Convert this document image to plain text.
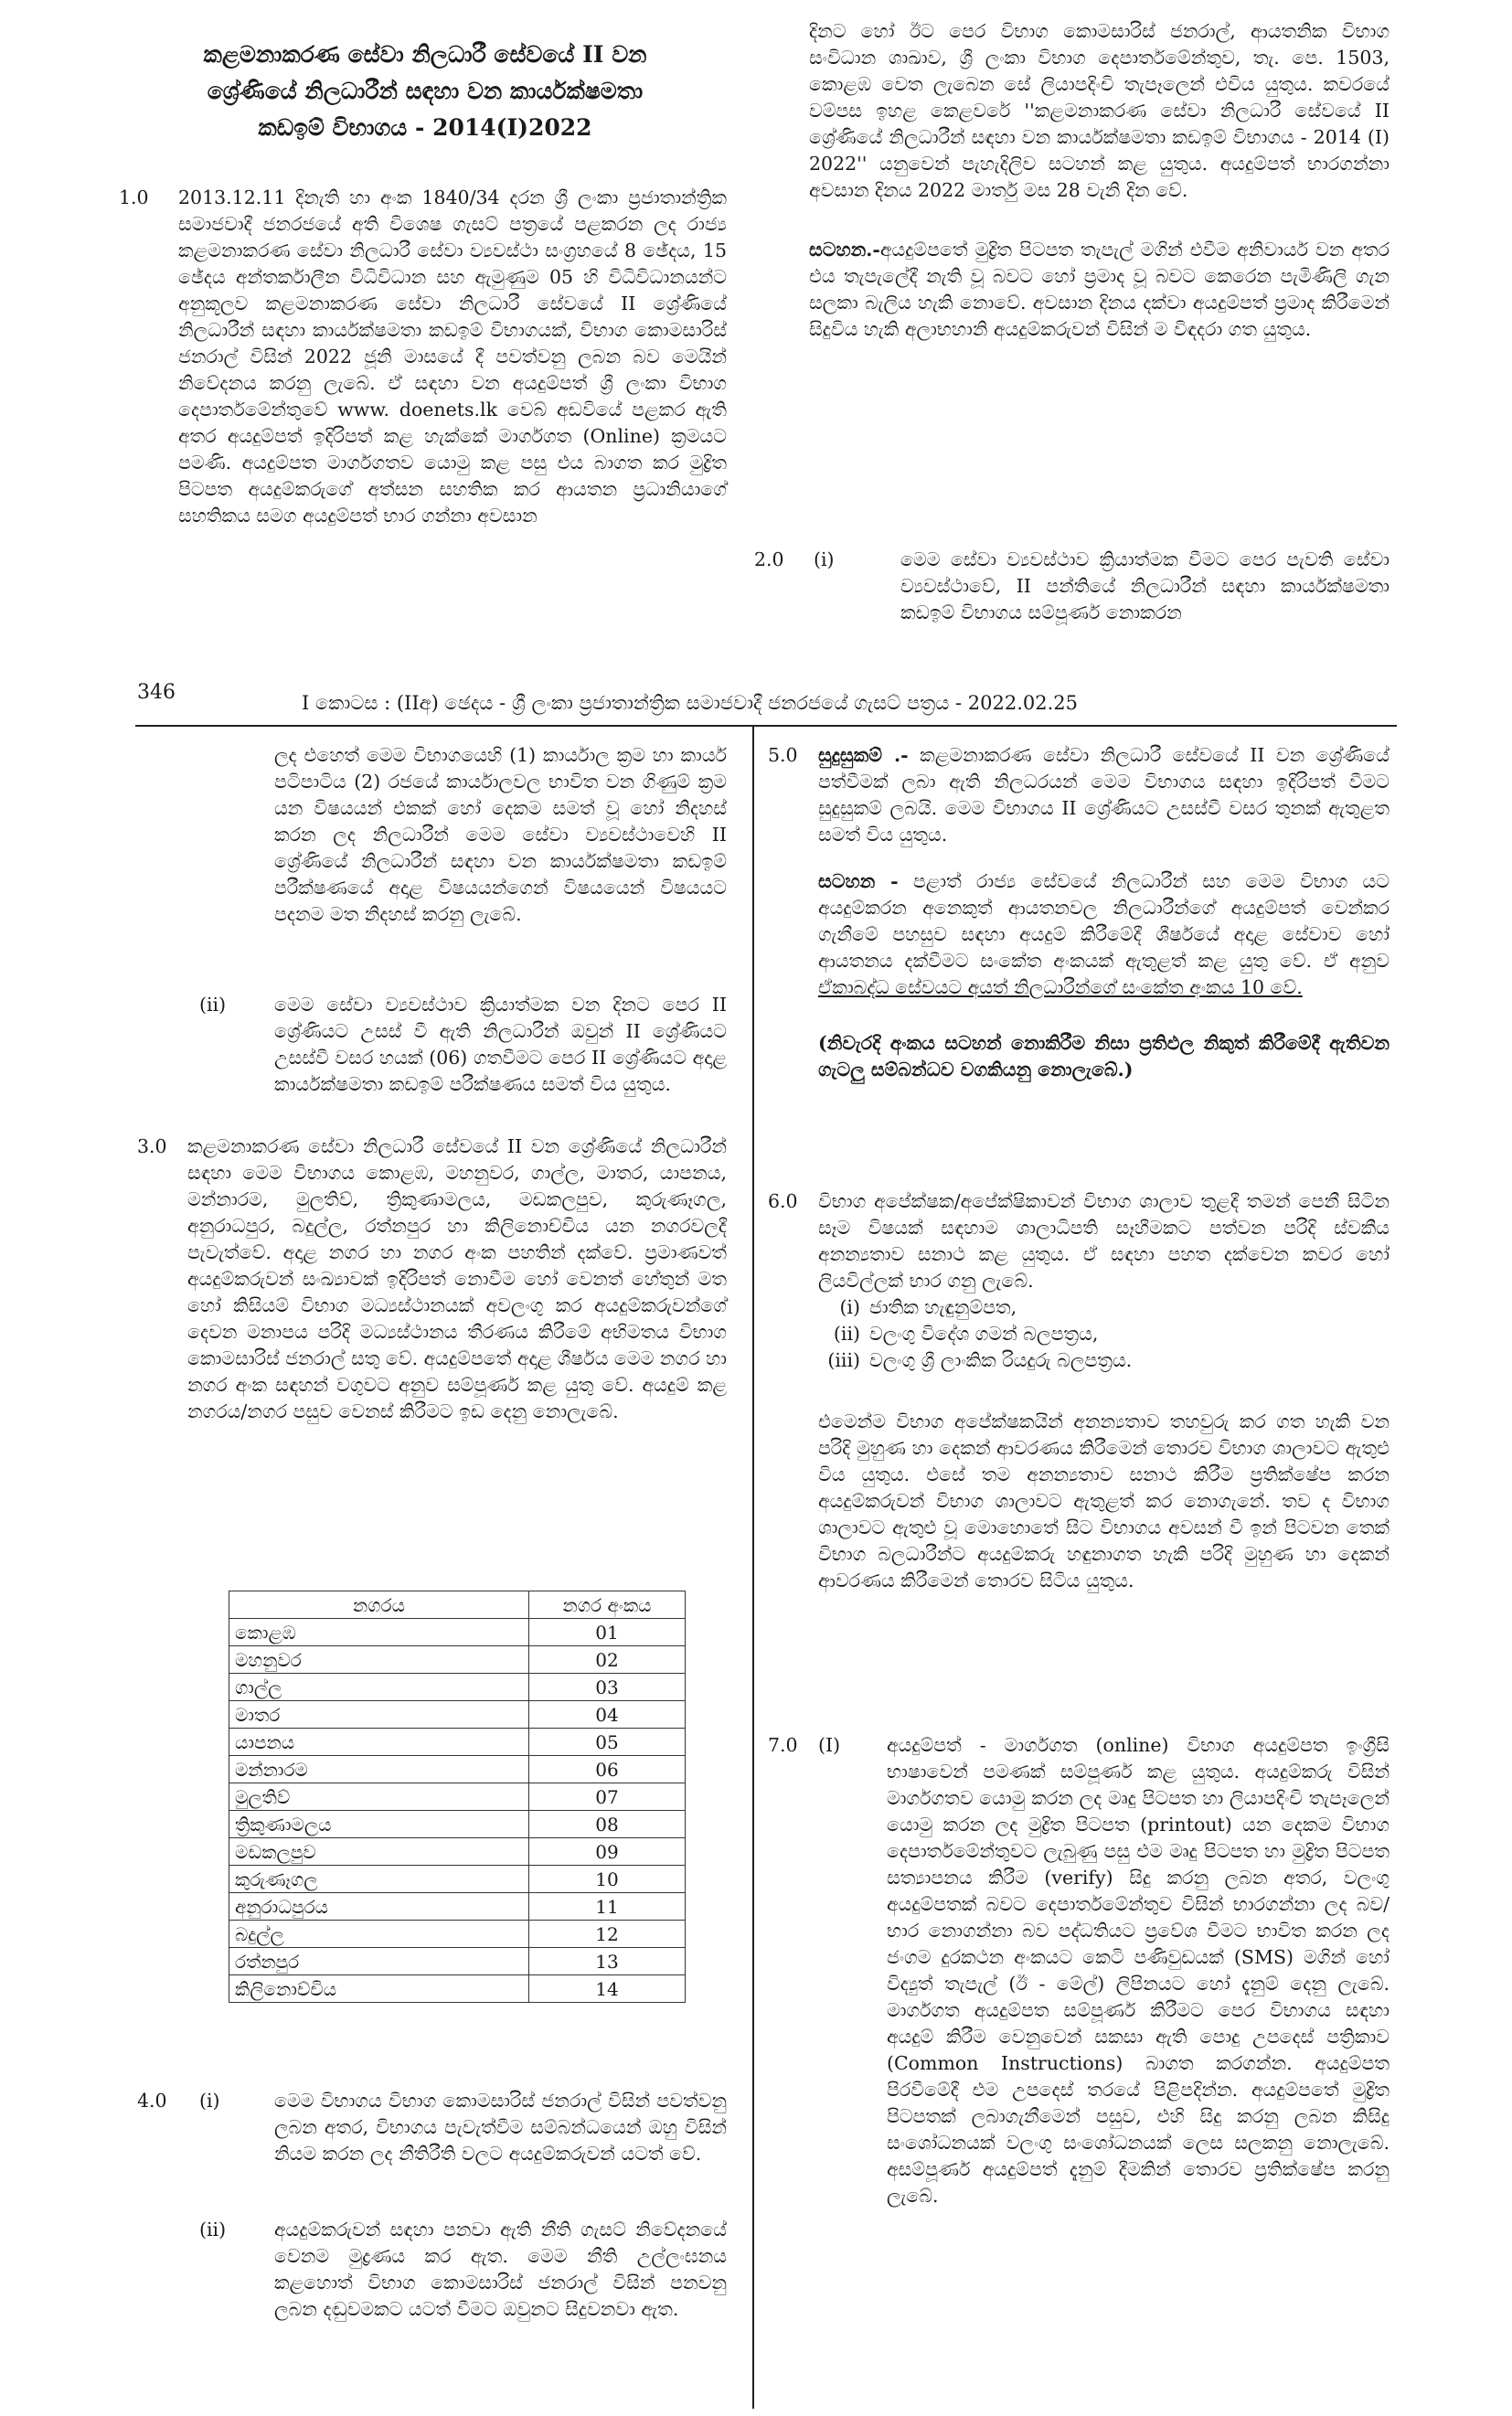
කළමනාකරණ සේවා නිලධාරී සේවයේ II වන

ශ්‍රේණියේ නිලධාරීන් සඳහා වන කාර්යක්ෂමතා

කඩඉම් විභාගය - 2014(I)2022

1.0 2013.12.11 දිනැති හා අංක 1840/34 දරන ශ්‍රී ලංකා ප්‍රජාතාන්ත්‍රික සමාජවාදී ජනරජයේ අති විශෙෂ ගැසට් පත්‍රයේ පළකරන ලද රාජ්‍ය කළමනාකරණ සේවා නිලධාරී සේවා ව්‍යවස්ථා සංග්‍රහයේ 8 ඡේදය, 15 ඡේදය අන්තර්කාලීන විධිවිධාන සහ ඇමුණුම 05 හි විධිවිධානයන්ට අනුකූලව කළමනාකරණ සේවා නිලධාරී සේවයේ II ශ්‍රේණියේ නිලධාරීන් සඳහා කාර්යක්ෂමතා කඩඉම් විභාගයක්, විභාග කොමසාරිස් ජනරාල් විසින් 2022 ජූනි මාසයේ දී පවත්වනු ලබන බව මෙයින් නිවේදනය කරනු ලැබේ. ඒ සඳහා වන අයදුම්පත් ශ්‍රී ලංකා විභාග දෙපාර්තමේන්තුවේ www. doenets.lk වෙබ් අඩවියේ පළකර ඇති අතර අයදුම්පත් ඉදිරිපත් කළ හැක්කේ මාර්ගගත (Online) ක්‍රමයට පමණි. අයදුම්පත මාර්ගගතව යොමු කළ පසු එය බාගත කර මුද්‍රිත පිටපත අයදුම්කරුගේ අත්සන සහතික කර ආයතන ප්‍රධානියාගේ සහතිකය සමග අයදුම්පත් භාර ගන්නා අවසාන

දිනට හෝ ඊට පෙර විභාග කොමසාරිස් ජනරාල්, ආයතනික විභාග සංවිධාන ශාඛාව, ශ්‍රී ලංකා විභාග දෙපාර්තමේන්තුව, තැ. පෙ. 1503, කොළඹ වෙත ලැබෙන සේ ලියාපදිංචි තැපෑලෙන් එවිය යුතුය. කවරයේ වම්පස ඉහළ කෙළවරේ ''කළමනාකරණ සේවා නිලධාරී සේවයේ II ශ්‍රේණියේ නිලධාරීන් සඳහා වන කාර්යක්ෂමතා කඩඉම් විභාගය - 2014 (I) 2022'' යනුවෙන් පැහැදිලිව සටහන් කළ යුතුය. අයදුම්පත් භාරගන්නා අවසාන දිනය 2022 මාර්තු මස 28 වැනි දින වේ.

සටහන.-අයදුම්පතේ මුද්‍රිත පිටපත තැපැල් මගින් එවීම අනිවාර්ය වන අතර එය තැපැලේදී නැති වූ බවට හෝ ප්‍රමාද වූ බවට කෙරෙන පැමිණිලි ගැන සලකා බැලිය හැකි නොවේ. අවසාන දිනය දක්වා අයදුම්පත් ප්‍රමාද කිරීමෙන් සිදුවිය හැකි අලාභහානි අයදුම්කරුවන් විසින් ම විඳදරා ගත යුතුය.

2.0 (i)	මෙම සේවා ව්‍යවස්ථාව ක්‍රියාත්මක වීමට පෙර පැවති සේවා ව්‍යවස්ථාවේ, II පන්තියේ නිලධාරීන් සඳහා කාර්යක්ෂමතා කඩඉම් විභාගය සම්පූර්ණ නොකරන

346	I කොටස : (IIඅ) ඡෙදය - ශ්‍රී ලංකා ප්‍රජාතාන්ත්‍රික සමාජවාදී ජනරජයේ ගැසට් පත්‍රය - 2022.02.25

ලද එහෙත් මෙම විභාගයෙහි (1) කාර්යාල ක්‍රම හා කාර්ය පටිපාටිය (2) රජයේ කාර්යාලවල භාවිත වන ගිණුම් ක්‍රම යන විෂයයන් එකක් හෝ දෙකම සමත් වූ හෝ නිදහස් කරන ලද නිලධාරීන් මෙම සේවා ව්‍යවස්ථාවෙහි II ශ්‍රේණියේ නිලධාරීන් සඳහා වන කාර්යක්ෂමතා කඩඉම් පරීක්ෂණයේ අදාළ විෂයයන්ගෙන් විෂයයෙන් විෂයයට පදනම මත නිදහස් කරනු ලැබේ.

(ii)	මෙම සේවා ව්‍යවස්ථාව ක්‍රියාත්මක වන දිනට පෙර II ශ්‍රේණියට උසස් වී ඇති නිලධාරීන් ඔවුන් II ශ්‍රේණියට උසස්වී වසර හයක් (06) ගතවීමට පෙර II ශ්‍රේණියට අදාළ කාර්යක්ෂමතා කඩඉම් පරීක්ෂණය සමත් විය යුතුය.

3.0 කළමනාකරණ සේවා නිලධාරී සේවයේ II වන ශ්‍රේණියේ නිලධාරීන් සඳහා මෙම විභාගය කොළඹ, මහනුවර, ගාල්ල, මාතර, යාපනය, මන්නාරම, මුලතිව්, ත්‍රිකුණාමලය, මඩකලපුව, කුරුණෑගල, අනුරාධපුර, බදුල්ල, රත්නපුර හා කිලිනොච්චිය යන නගරවලදී පැවැත්වේ. අදාළ නගර හා නගර අංක පහතින් දක්වේ. ප්‍රමාණවත් අයදුම්කරුවන් සංඛ්‍යාවක් ඉදිරිපත් නොවීම හෝ වෙනත් හේතුන් මත හෝ කිසියම් විභාග මධ්‍යස්ථානයක් අවලංගු කර අයදුම්කරුවන්ගේ දෙවන මනාපය පරිදි මධ්‍යස්ථානය තීරණය කිරීමේ අභිමතය විභාග කොමසාරිස් ජනරාල් සතු වේ. අයදුම්පතේ අදාළ ශීර්ෂය මෙම නගර හා නගර අංක සඳහන් වගුවට අනුව සම්පූර්ණ කළ යුතු වේ. අයදුම් කළ නගරය/නගර පසුව වෙනස් කිරීමට ඉඩ දෙනු නොලැබේ.

නගරය	නගර අංකය
කොළඹ	01
මහනුවර	02
ගාල්ල	03
මාතර	04
යාපනය	05
මන්නාරම	06
මුලතිව්	07
ත්‍රිකුණාමලය	08
මඩකලපුව	09
කුරුණෑගල	10
අනුරාධපුරය	11
බදුල්ල	12
රත්නපුර	13
කිලිනොච්චිය	14
4.0 (i)	මෙම විභාගය විභාග කොමසාරිස් ජනරාල් විසින් පවත්වනු ලබන අතර, විභාගය පැවැත්වීම සම්බන්ධයෙන් ඔහු විසින් නියම කරන ලද නීතිරීති වලට අයදුම්කරුවන් යටත් වේ.

(ii)	අයදුම්කරුවන් සඳහා පනවා ඇති නීති ගැසට් නිවේදනයේ වෙනම මුද්‍රණය කර ඇත. මෙම නීති උල්ලංඝනය කළහොත් විභාග කොමසාරිස් ජනරාල් විසින් පනවනු ලබන දඬුවමකට යටත් වීමට ඔවුනට සිදුවනවා ඇත.

5.0 සුදුසුකම් .- කළමනාකරණ සේවා නිලධාරී සේවයේ II වන ශ්‍රේණියේ පත්වීමක් ලබා ඇති නිලධරයන් මෙම විභාගය සඳහා ඉදිරිපත් වීමට සුදුසුකම් ලබයි. මෙම විභාගය II ශ්‍රේණියට උසස්වී වසර තුනක් ඇතුළත සමත් විය යුතුය.

සටහන - පළාත් රාජ්‍ය සේවයේ නිලධාරීන් සහ මෙම විභාග යට අයදුම්කරන අනෙකුත් ආයතනවල නිලධාරීන්ගේ අයදුම්පත් වෙන්කර ගැනීමේ පහසුව සඳහා අයදුම් කිරීමේදී ශීර්ෂයේ අදාළ සේවාව හෝ ආයතනය දක්වීමට සංකේත අංකයක් ඇතුළත් කළ යුතු වේ. ඒ අනුව ඒකාබද්ධ සේවයට අයත් නිලධාරීන්ගේ සංකේත අංකය 10 වේ.

(නිවැරදි අංකය සටහන් නොකිරීම නිසා ප්‍රතිඵල නිකුත් කිරීමේදී ඇතිවන ගැටලු සම්බන්ධව වගකියනු නොලැබේ.)

6.0 විභාග අපේක්ෂක/අපේක්ෂිකාවන් විභාග ශාලාව තුළදී තමන් පෙනී සිටින සෑම විෂයක් සඳහාම ශාලාධිපති සෑහීමකට පත්වන පරිදි ස්වකීය අනන්‍යතාව සනාථ කළ යුතුය. ඒ සඳහා පහත දක්වෙන කවර හෝ ලියවිල්ලක් භාර ගනු ලැබේ.

(i) ජාතික හැඳුනුම්පත,
(ii) වලංගු විදේශ ගමන් බලපත්‍රය,
(iii) වලංගු ශ්‍රී ලාංකික රියදුරු බලපත්‍රය.

එමෙන්ම විභාග අපේක්ෂකයින් අනන්‍යතාව තහවුරු කර ගත හැකි වන පරිදි මුහුණ හා දෙකන් ආවරණය කිරීමෙන් තොරව විභාග ශාලාවට ඇතුළු විය යුතුය. එසේ තම අනන්‍යතාව සනාථ කිරීම ප්‍රතික්ෂේප කරන අයදුම්කරුවන් විභාග ශාලාවට ඇතුළත් කර නොගැනේ. තව ද විභාග ශාලාවට ඇතුළු වූ මොහොතේ සිට විභාගය අවසන් වී ඉන් පිටවන තෙක් විභාග බලධාරීන්ට අයදුම්කරු හඳුනාගත හැකි පරිදි මුහුණ හා දෙකන් ආවරණය කිරීමෙන් තොරව සිටිය යුතුය.

7.0 (I) අයදුම්පත් - මාර්ගගත (online) විභාග අයදුම්පත ඉංග්‍රීසි භාෂාවෙන් පමණක් සම්පූර්ණ කළ යුතුය. අයදුම්කරු විසින් මාර්ගගතව යොමු කරන ලද මෘදු පිටපත හා ලියාපදිංචි තැපෑලෙන් යොමු කරන ලද මුද්‍රිත පිටපත (printout) යන දෙකම විභාග දෙපාර්තමේන්තුවට ලැබුණු පසු එම මෘදු පිටපත හා මුද්‍රිත පිටපත සත්‍යාපනය කිරීම (verify) සිදු කරනු ලබන අතර, වලංගු අයදුම්පතක් බවට දෙපාර්තමේන්තුව විසින් භාරගන්නා ලද බව/භාර නොගන්නා බව පද්ධතියට ප්‍රවේශ වීමට භාවිත කරන ලද ජංගම දුරකථන අංකයට කෙටි පණිවුඩයක් (SMS) මගින් හෝ විද්‍යුත් තැපැල් (ඊ - මේල්) ලිපිනයට හෝ දැනුම් දෙනු ලැබේ. මාර්ගගත අයදුම්පත සම්පූර්ණ කිරීමට පෙර විභාගය සඳහා අයදුම් කිරීම වෙනුවෙන් සකසා ඇති පොදු උපදෙස් පත්‍රිකාව (Common Instructions) බාගත කරගන්න. අයදුම්පත පිරවීමේදී එම උපදෙස් තරයේ පිළිපදින්න. අයදුම්පතේ මුද්‍රිත පිටපතක් ලබාගැනීමෙන් පසුව, එහි සිදු කරනු ලබන කිසිදු සංශෝධනයක් වලංගු සංශෝධනයක් ලෙස සලකනු නොලැබේ. අසම්පූර්ණ අයදුම්පත් දැනුම් දීමකින් තොරව ප්‍රතික්ෂේප කරනු ලැබේ.
